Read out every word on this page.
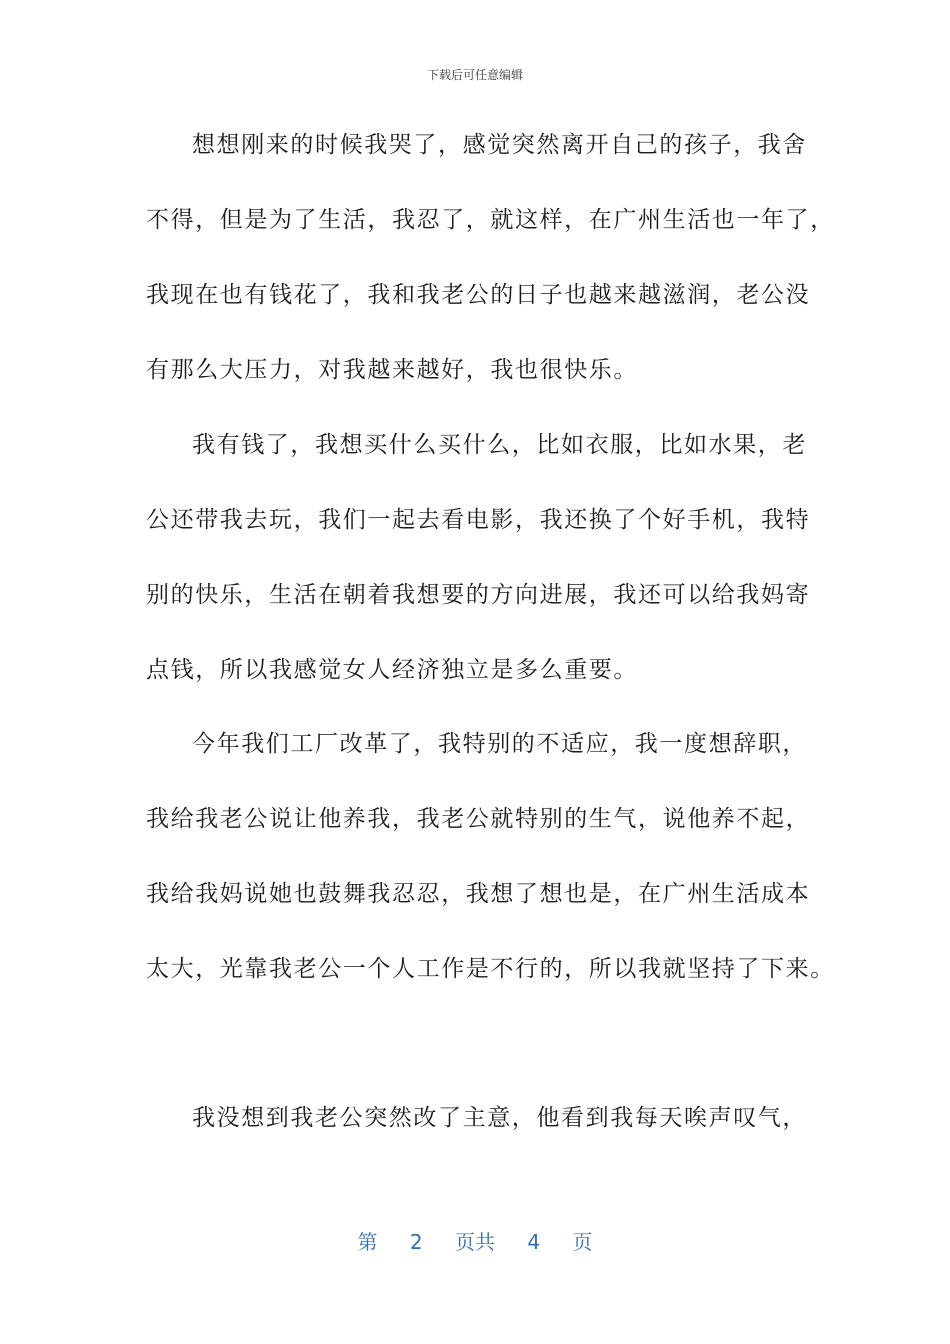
下载后可任意编辑
想想刚来的时候我哭了，感觉突然离开自己的孩子，我舍
不得，但是为了生活，我忍了，就这样，在广州生活也一年了，
我现在也有钱花了，我和我老公的日子也越来越滋润，老公没
有那么大压力，对我越来越好，我也很快乐。
我有钱了，我想买什么买什么，比如衣服，比如水果，老
公还带我去玩，我们一起去看电影，我还换了个好手机，我特
别的快乐，生活在朝着我想要的方向进展，我还可以给我妈寄
点钱，所以我感觉女人经济独立是多么重要。
今年我们工厂改革了，我特别的不适应，我一度想辞职，
我给我老公说让他养我，我老公就特别的生气，说他养不起，
我给我妈说她也鼓舞我忍忍，我想了想也是，在广州生活成本
太大，光靠我老公一个人工作是不行的，所以我就坚持了下来。
我没想到我老公突然改了主意，他看到我每天唉声叹气，
第 2 页共 4 页
